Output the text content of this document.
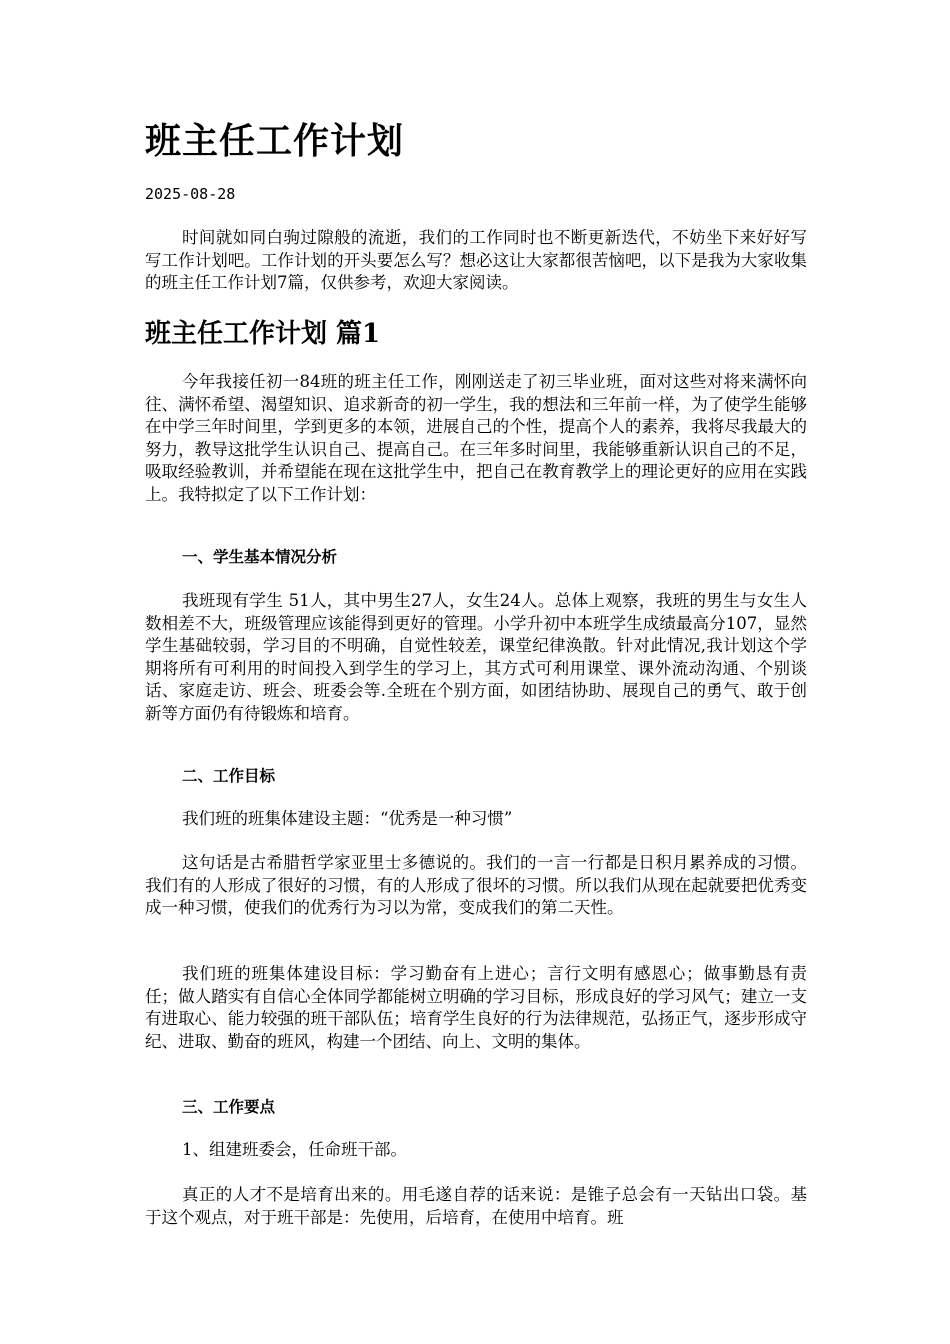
班主任工作计划
2025-08-28

时间就如同白驹过隙般的流逝，我们的工作同时也不断更新迭代，不妨坐下来好好写写工作计划吧。工作计划的开头要怎么写？想必这让大家都很苦恼吧，以下是我为大家收集的班主任工作计划7篇，仅供参考，欢迎大家阅读。

班主任工作计划 篇1

今年我接任初一84班的班主任工作，刚刚送走了初三毕业班，面对这些对将来满怀向往、满怀希望、渴望知识、追求新奇的初一学生，我的想法和三年前一样，为了使学生能够在中学三年时间里，学到更多的本领，进展自己的个性，提高个人的素养，我将尽我最大的努力，教导这批学生认识自己、提高自己。在三年多时间里，我能够重新认识自己的不足，吸取经验教训，并希望能在现在这批学生中，把自己在教育教学上的理论更好的应用在实践上。我特拟定了以下工作计划：

一、学生基本情况分析

我班现有学生 51人，其中男生27人，女生24人。总体上观察，我班的男生与女生人数相差不大，班级管理应该能得到更好的管理。小学升初中本班学生成绩最高分107，显然学生基础较弱，学习目的不明确，自觉性较差，课堂纪律涣散。针对此情况,我计划这个学期将所有可利用的时间投入到学生的学习上，其方式可利用课堂、课外流动沟通、个别谈话、家庭走访、班会、班委会等.全班在个别方面，如团结协助、展现自己的勇气、敢于创新等方面仍有待锻炼和培育。

二、工作目标

我们班的班集体建设主题：“优秀是一种习惯”

这句话是古希腊哲学家亚里士多德说的。我们的一言一行都是日积月累养成的习惯。我们有的人形成了很好的习惯，有的人形成了很坏的习惯。所以我们从现在起就要把优秀变成一种习惯，使我们的优秀行为习以为常，变成我们的第二天性。

我们班的班集体建设目标：学习勤奋有上进心；言行文明有感恩心；做事勤恳有责任；做人踏实有自信心全体同学都能树立明确的学习目标，形成良好的学习风气；建立一支有进取心、能力较强的班干部队伍；培育学生良好的行为法律规范，弘扬正气，逐步形成守纪、进取、勤奋的班风，构建一个团结、向上、文明的集体。

三、工作要点

1、组建班委会，任命班干部。

真正的人才不是培育出来的。用毛遂自荐的话来说：是锥子总会有一天钻出口袋。基于这个观点，对于班干部是：先使用，后培育，在使用中培育。班
